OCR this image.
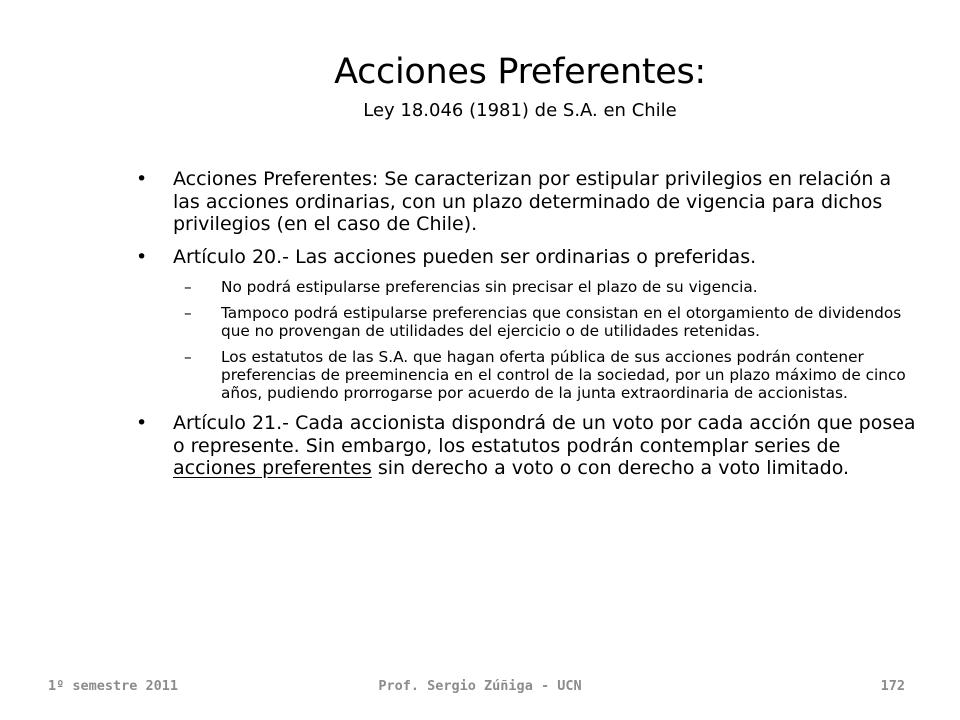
Acciones Preferentes:
Ley 18.046 (1981) de S.A. en Chile
• Acciones Preferentes: Se caracterizan por estipular privilegios en relación a las acciones ordinarias, con un plazo determinado de vigencia para dichos privilegios (en el caso de Chile).
• Artículo 20.- Las acciones pueden ser ordinarias o preferidas.
– No podrá estipularse preferencias sin precisar el plazo de su vigencia.
– Tampoco podrá estipularse preferencias que consistan en el otorgamiento de dividendos que no provengan de utilidades del ejercicio o de utilidades retenidas.
– Los estatutos de las S.A. que hagan oferta pública de sus acciones podrán contener preferencias de preeminencia en el control de la sociedad, por un plazo máximo de cinco años, pudiendo prorrogarse por acuerdo de la junta extraordinaria de accionistas.
• Artículo 21.- Cada accionista dispondrá de un voto por cada acción que posea o represente. Sin embargo, los estatutos podrán contemplar series de acciones preferentes sin derecho a voto o con derecho a voto limitado.
1º semestre 2011	Prof. Sergio Zúñiga - UCN	172
